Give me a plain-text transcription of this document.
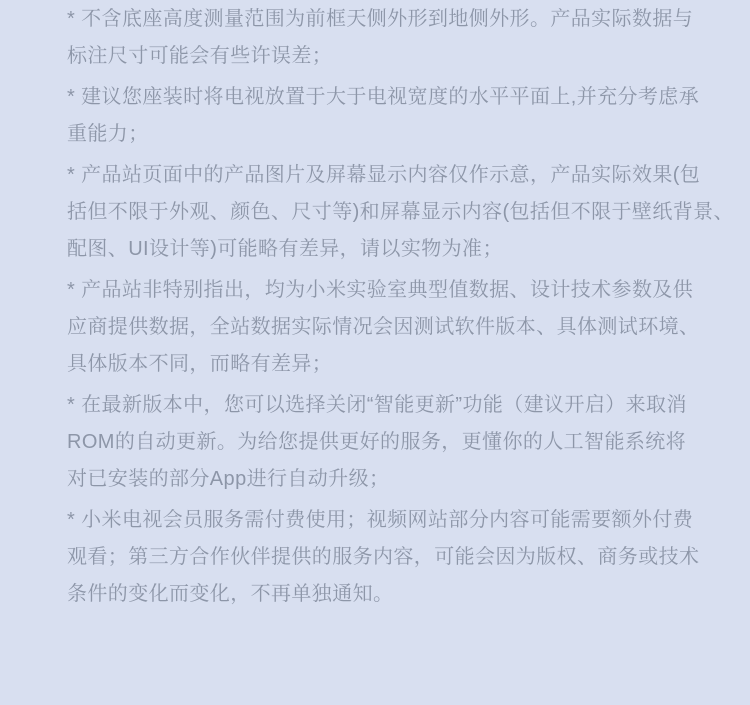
* 不含底座高度测量范围为前框天侧外形到地侧外形。产品实际数据与
标注尺寸可能会有些许误差；
* 建议您座装时将电视放置于大于电视宽度的水平平面上,并充分考虑承
重能力；
* 产品站页面中的产品图片及屏幕显示内容仅作示意，产品实际效果(包
括但不限于外观、颜色、尺寸等)和屏幕显示内容(包括但不限于壁纸背景、
配图、UI设计等)可能略有差异，请以实物为准；
* 产品站非特别指出，均为小米实验室典型值数据、设计技术参数及供
应商提供数据，全站数据实际情况会因测试软件版本、具体测试环境、
具体版本不同，而略有差异；
* 在最新版本中，您可以选择关闭“智能更新”功能（建议开启）来取消
ROM的自动更新。为给您提供更好的服务，更懂你的人工智能系统将
对已安装的部分App进行自动升级；
* 小米电视会员服务需付费使用；视频网站部分内容可能需要额外付费
观看；第三方合作伙伴提供的服务内容，可能会因为版权、商务或技术
条件的变化而变化，不再单独通知。
